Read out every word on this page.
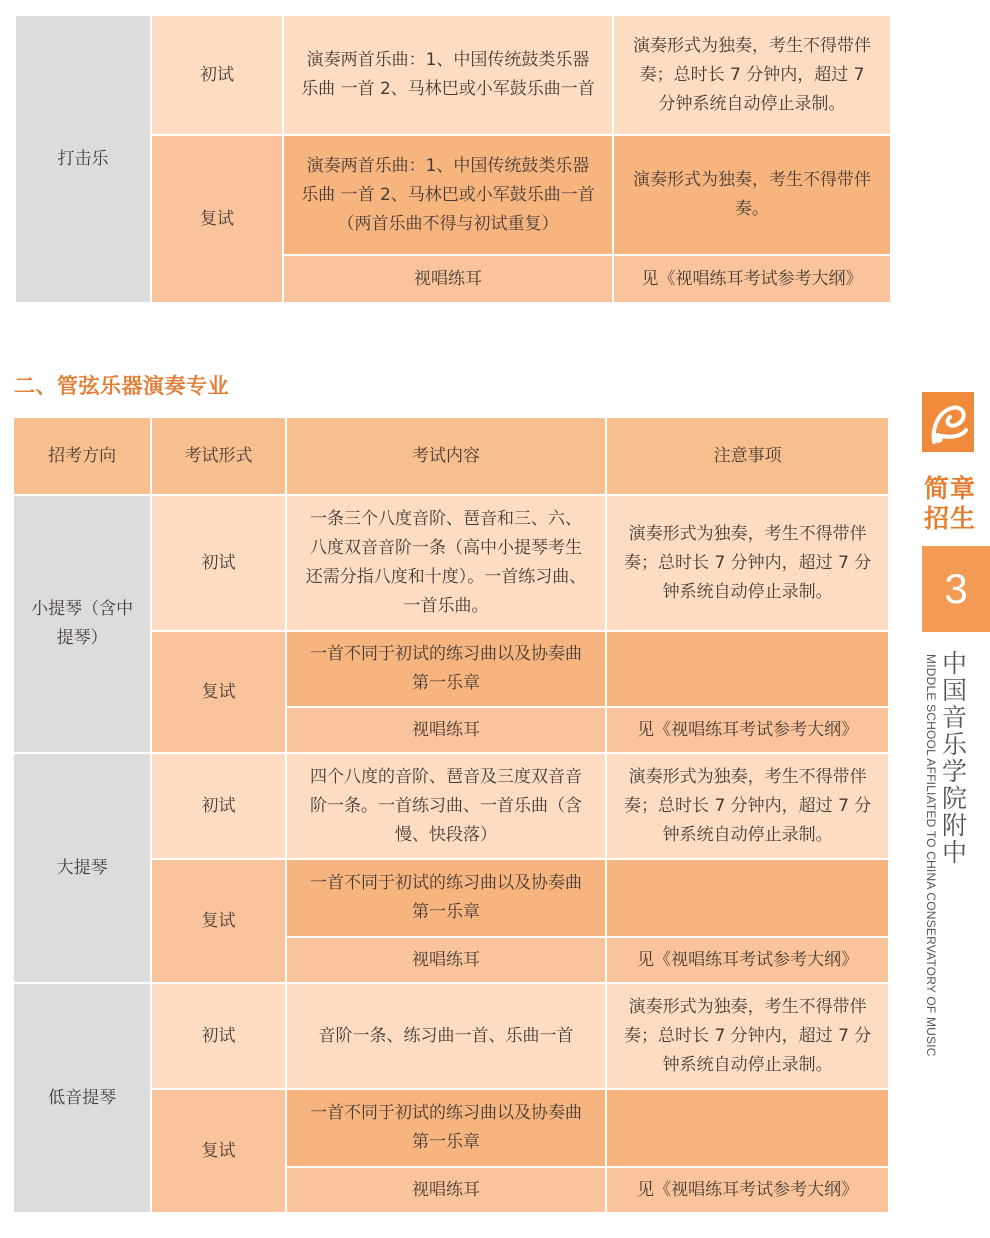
打击乐	初试	演奏两首乐曲：1、中国传统鼓类乐器乐曲 一首 2、马林巴或小军鼓乐曲一首	演奏形式为独奏，考生不得带伴奏；总时长 7 分钟内，超过 7 分钟系统自动停止录制。
	复试	演奏两首乐曲：1、中国传统鼓类乐器乐曲 一首 2、马林巴或小军鼓乐曲一首（两首乐曲不得与初试重复）	演奏形式为独奏，考生不得带伴奏。
		视唱练耳	见《视唱练耳考试参考大纲》
二、管弦乐器演奏专业
招考方向	考试形式	考试内容	注意事项
小提琴（含中提琴）	初试	一条三个八度音阶、琶音和三、六、八度双音音阶一条（高中小提琴考生还需分指八度和十度）。一首练习曲、一首乐曲。	演奏形式为独奏，考生不得带伴奏；总时长 7 分钟内，超过 7 分钟系统自动停止录制。
	复试	一首不同于初试的练习曲以及协奏曲第一乐章	
		视唱练耳	见《视唱练耳考试参考大纲》
大提琴	初试	四个八度的音阶、琶音及三度双音音阶一条。一首练习曲、一首乐曲（含慢、快段落）	演奏形式为独奏，考生不得带伴奏；总时长 7 分钟内，超过 7 分钟系统自动停止录制。
	复试	一首不同于初试的练习曲以及协奏曲第一乐章	
		视唱练耳	见《视唱练耳考试参考大纲》
低音提琴	初试	音阶一条、练习曲一首、乐曲一首	演奏形式为独奏，考生不得带伴奏；总时长 7 分钟内，超过 7 分钟系统自动停止录制。
	复试	一首不同于初试的练习曲以及协奏曲第一乐章	
		视唱练耳	见《视唱练耳考试参考大纲》
简章招生
3
MIDDLE SCHOOL AFFILIATED TO CHINA CONSERVATORY OF MUSIC 中国音乐学院附中
